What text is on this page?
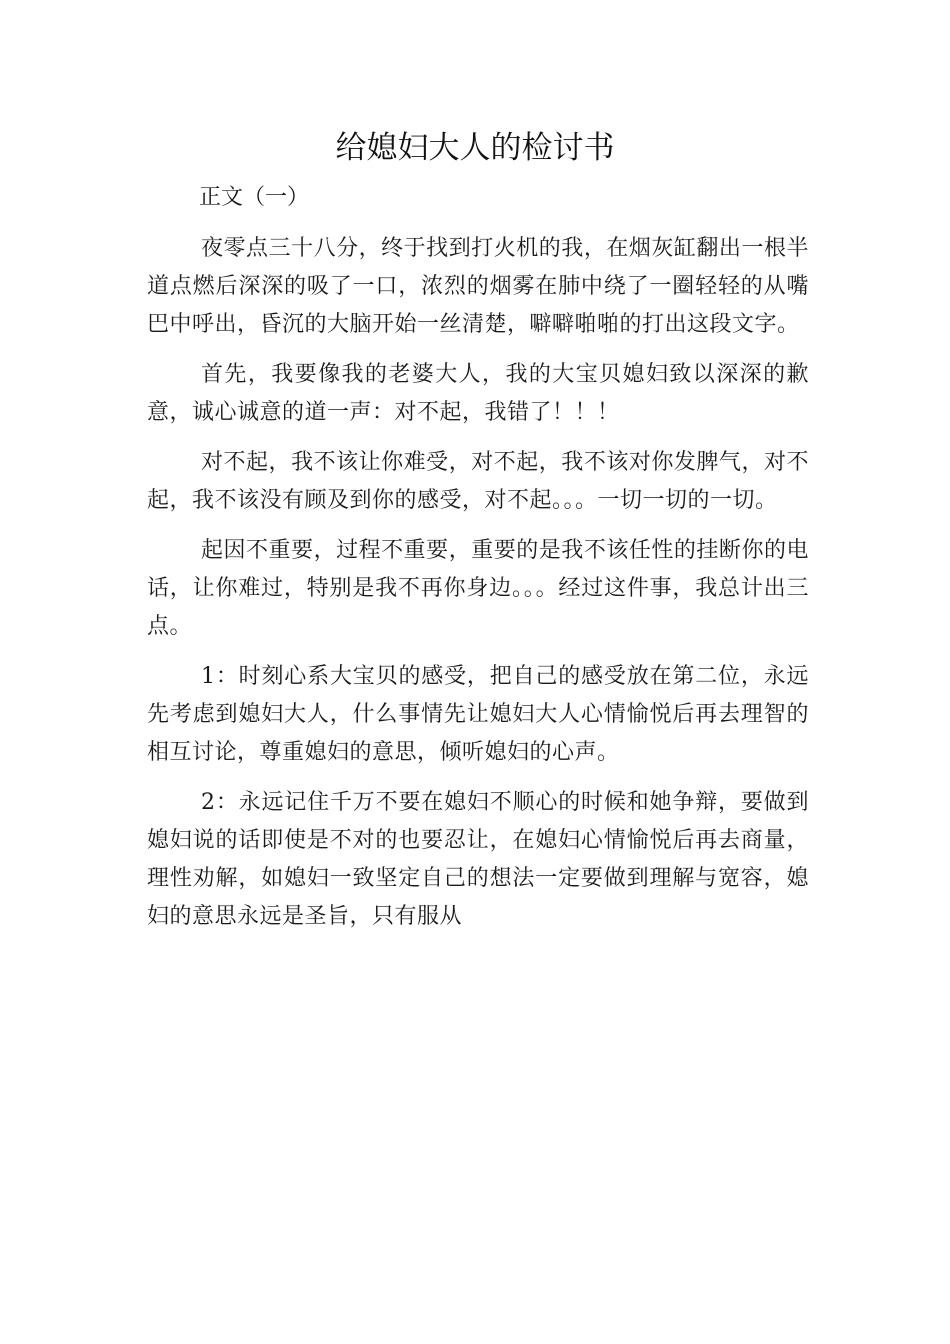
给媳妇大人的检讨书

正文（一）

夜零点三十八分，终于找到打火机的我，在烟灰缸翻出一根半道点燃后深深的吸了一口，浓烈的烟雾在肺中绕了一圈轻轻的从嘴巴中呼出，昏沉的大脑开始一丝清楚，噼噼啪啪的打出这段文字。

首先，我要像我的老婆大人，我的大宝贝媳妇致以深深的歉意，诚心诚意的道一声：对不起，我错了！！！

对不起，我不该让你难受，对不起，我不该对你发脾气，对不起，我不该没有顾及到你的感受，对不起。。。一切一切的一切。

起因不重要，过程不重要，重要的是我不该任性的挂断你的电话，让你难过，特别是我不再你身边。。。经过这件事，我总计出三点。

1：时刻心系大宝贝的感受，把自己的感受放在第二位，永远先考虑到媳妇大人，什么事情先让媳妇大人心情愉悦后再去理智的相互讨论，尊重媳妇的意思，倾听媳妇的心声。

2：永远记住千万不要在媳妇不顺心的时候和她争辩，要做到媳妇说的话即使是不对的也要忍让，在媳妇心情愉悦后再去商量，理性劝解，如媳妇一致坚定自己的想法一定要做到理解与宽容，媳妇的意思永远是圣旨，只有服从
